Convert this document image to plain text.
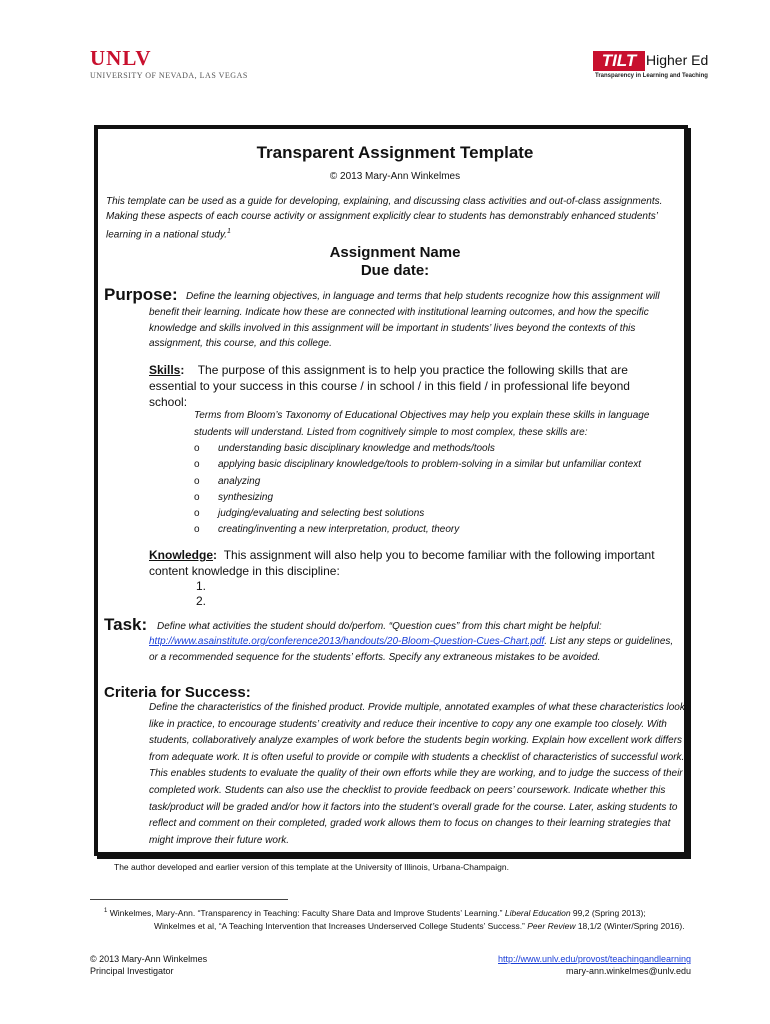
UNLV
UNIVERSITY OF NEVADA, LAS VEGAS
TILT Higher Ed
Transparency in Learning and Teaching
Transparent Assignment Template
© 2013 Mary-Ann Winkelmes
This template can be used as a guide for developing, explaining, and discussing class activities and out-of-class assignments. Making these aspects of each course activity or assignment explicitly clear to students has demonstrably enhanced students’ learning in a national study.$^1$
Assignment Name
Due date:
Purpose: Define the learning objectives, in language and terms that help students recognize how this assignment will
benefit their learning. Indicate how these are connected with institutional learning outcomes, and how the specific knowledge and skills involved in this assignment will be important in students’ lives beyond the contexts of this assignment, this course, and this college.
Skills: The purpose of this assignment is to help you practice the following skills that are essential to your success in this course / in school / in this field / in professional life beyond school:
Terms from Bloom’s Taxonomy of Educational Objectives may help you explain these skills in language students will understand. Listed from cognitively simple to most complex, these skills are:
o understanding basic disciplinary knowledge and methods/tools
o applying basic disciplinary knowledge/tools to problem-solving in a similar but unfamiliar context
o analyzing
o synthesizing
o judging/evaluating and selecting best solutions
o creating/inventing a new interpretation, product, theory
Knowledge: This assignment will also help you to become familiar with the following important content knowledge in this discipline:
1.
2.
Task: Define what activities the student should do/perfom. “Question cues” from this chart might be helpful:
http://www.asainstitute.org/conference2013/handouts/20-Bloom-Question-Cues-Chart.pdf. List any steps or guidelines, or a recommended sequence for the students’ efforts. Specify any extraneous mistakes to be avoided.
Criteria for Success:
Define the characteristics of the finished product. Provide multiple, annotated examples of what these characteristics look like in practice, to encourage students’ creativity and reduce their incentive to copy any one example too closely. With students, collaboratively analyze examples of work before the students begin working. Explain how excellent work differs from adequate work. It is often useful to provide or compile with students a checklist of characteristics of successful work. This enables students to evaluate the quality of their own efforts while they are working, and to judge the success of their completed work. Students can also use the checklist to provide feedback on peers’ coursework. Indicate whether this task/product will be graded and/or how it factors into the student’s overall grade for the course. Later, asking students to reflect and comment on their completed, graded work allows them to focus on changes to their learning strategies that might improve their future work.
The author developed and earlier version of this template at the University of Illinois, Urbana-Champaign.
$^1$ Winkelmes, Mary-Ann. “Transparency in Teaching: Faculty Share Data and Improve Students’ Learning.” Liberal Education 99,2 (Spring 2013);
Winkelmes et al, “A Teaching Intervention that Increases Underserved College Students’ Success.” Peer Review 18,1/2 (Winter/Spring 2016).
© 2013 Mary-Ann Winkelmes
Principal Investigator
http://www.unlv.edu/provost/teachingandlearning
mary-ann.winkelmes@unlv.edu
